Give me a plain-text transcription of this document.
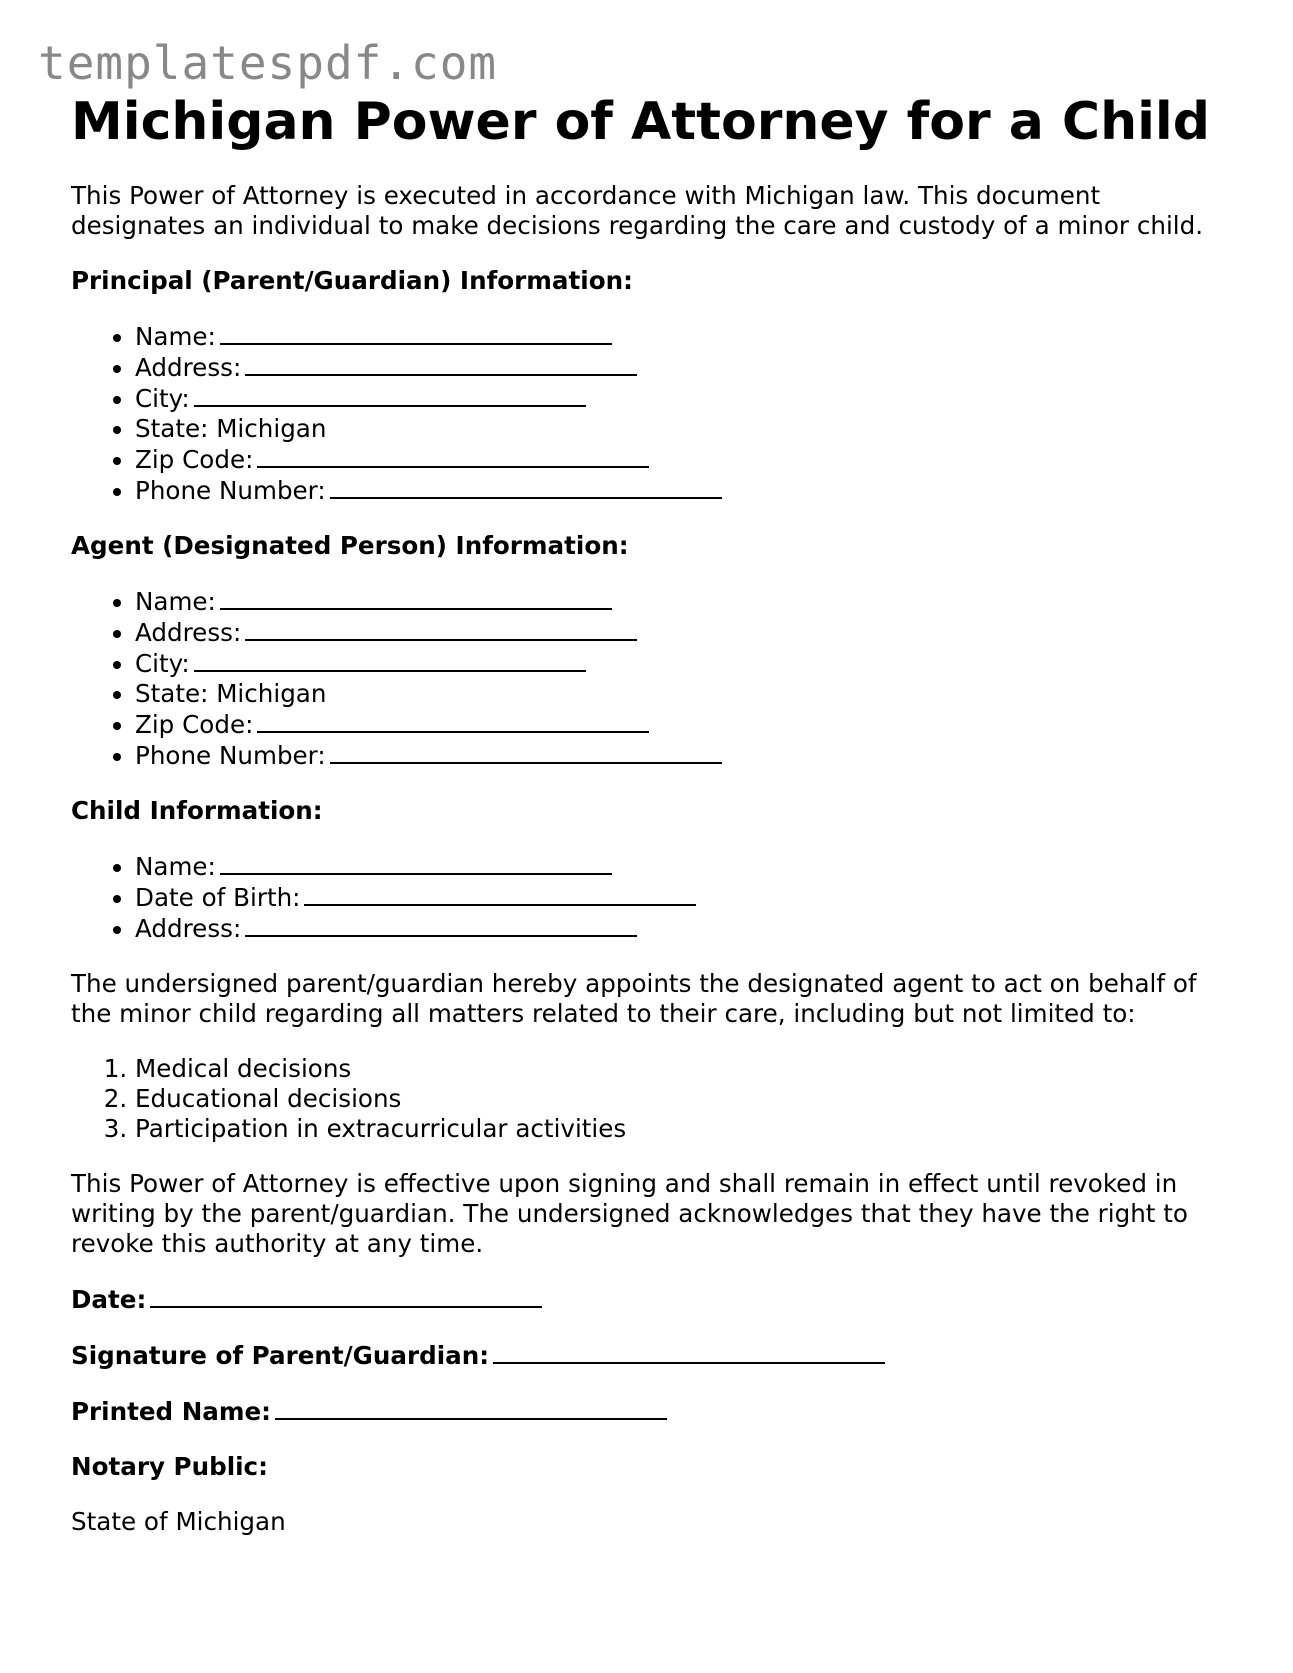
templatespdf.com
Michigan Power of Attorney for a Child

This Power of Attorney is executed in accordance with Michigan law. This document designates an individual to make decisions regarding the care and custody of a minor child.

Principal (Parent/Guardian) Information:

• Name:
• Address:
• City:
• State: Michigan
• Zip Code:
• Phone Number:

Agent (Designated Person) Information:

• Name:
• Address:
• City:
• State: Michigan
• Zip Code:
• Phone Number:

Child Information:

• Name:
• Date of Birth:
• Address:

The undersigned parent/guardian hereby appoints the designated agent to act on behalf of the minor child regarding all matters related to their care, including but not limited to:

1. Medical decisions
2. Educational decisions
3. Participation in extracurricular activities

This Power of Attorney is effective upon signing and shall remain in effect until revoked in writing by the parent/guardian. The undersigned acknowledges that they have the right to revoke this authority at any time.

Date:

Signature of Parent/Guardian:

Printed Name:

Notary Public:

State of Michigan
